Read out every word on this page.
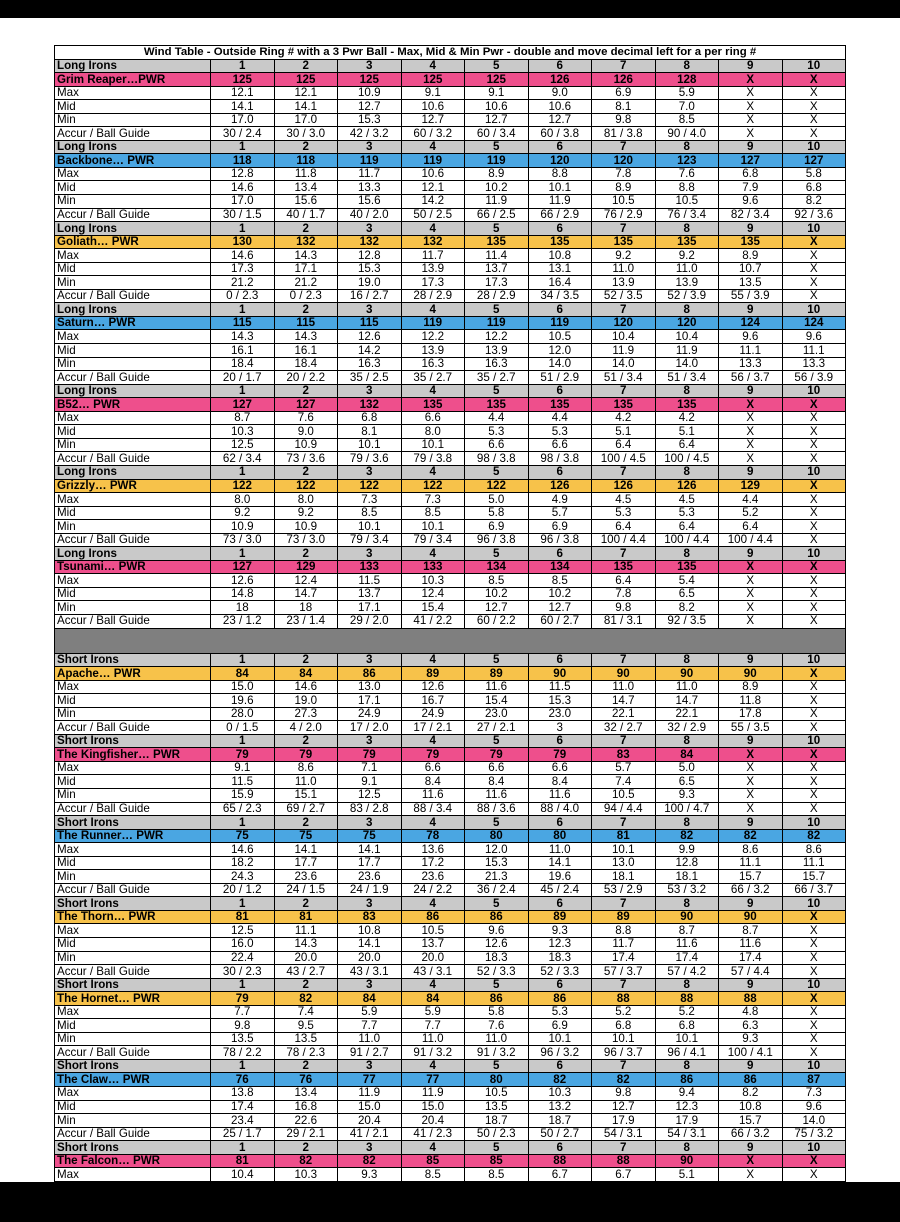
Wind Table - Outside Ring # with a 3 Pwr Ball - Max, Mid & Min Pwr - double and move decimal left for a per ring #										
Long Irons	1	2	3	4	5	6	7	8	9	10
Grim Reaper…PWR	125	125	125	125	125	126	126	128	X	X
Max	12.1	12.1	10.9	9.1	9.1	9.0	6.9	5.9	X	X
Mid	14.1	14.1	12.7	10.6	10.6	10.6	8.1	7.0	X	X
Min	17.0	17.0	15.3	12.7	12.7	12.7	9.8	8.5	X	X
Accur / Ball Guide	30 / 2.4	30 / 3.0	42 / 3.2	60 / 3.2	60 / 3.4	60 / 3.8	81 / 3.8	90 / 4.0	X	X
Long Irons	1	2	3	4	5	6	7	8	9	10
Backbone… PWR	118	118	119	119	119	120	120	123	127	127
Max	12.8	11.8	11.7	10.6	8.9	8.8	7.8	7.6	6.8	5.8
Mid	14.6	13.4	13.3	12.1	10.2	10.1	8.9	8.8	7.9	6.8
Min	17.0	15.6	15.6	14.2	11.9	11.9	10.5	10.5	9.6	8.2
Accur / Ball Guide	30 / 1.5	40 / 1.7	40 / 2.0	50 / 2.5	66 / 2.5	66 / 2.9	76 / 2.9	76 / 3.4	82 / 3.4	92 / 3.6
Long Irons	1	2	3	4	5	6	7	8	9	10
Goliath… PWR	130	132	132	132	135	135	135	135	135	X
Max	14.6	14.3	12.8	11.7	11.4	10.8	9.2	9.2	8.9	X
Mid	17.3	17.1	15.3	13.9	13.7	13.1	11.0	11.0	10.7	X
Min	21.2	21.2	19.0	17.3	17.3	16.4	13.9	13.9	13.5	X
Accur / Ball Guide	0 / 2.3	0 / 2.3	16 / 2.7	28 / 2.9	28 / 2.9	34 / 3.5	52 / 3.5	52 / 3.9	55 / 3.9	X
Long Irons	1	2	3	4	5	6	7	8	9	10
Saturn… PWR	115	115	115	119	119	119	120	120	124	124
Max	14.3	14.3	12.6	12.2	12.2	10.5	10.4	10.4	9.6	9.6
Mid	16.1	16.1	14.2	13.9	13.9	12.0	11.9	11.9	11.1	11.1
Min	18.4	18.4	16.3	16.3	16.3	14.0	14.0	14.0	13.3	13.3
Accur / Ball Guide	20 / 1.7	20 / 2.2	35 / 2.5	35 / 2.7	35 / 2.7	51 / 2.9	51 / 3.4	51 / 3.4	56 / 3.7	56 / 3.9
Long Irons	1	2	3	4	5	6	7	8	9	10
B52… PWR	127	127	132	135	135	135	135	135	X	X
Max	8.7	7.6	6.8	6.6	4.4	4.4	4.2	4.2	X	X
Mid	10.3	9.0	8.1	8.0	5.3	5.3	5.1	5.1	X	X
Min	12.5	10.9	10.1	10.1	6.6	6.6	6.4	6.4	X	X
Accur / Ball Guide	62 / 3.4	73 / 3.6	79 / 3.6	79 / 3.8	98 / 3.8	98 / 3.8	100 / 4.5	100 / 4.5	X	X
Long Irons	1	2	3	4	5	6	7	8	9	10
Grizzly… PWR	122	122	122	122	122	126	126	126	129	X
Max	8.0	8.0	7.3	7.3	5.0	4.9	4.5	4.5	4.4	X
Mid	9.2	9.2	8.5	8.5	5.8	5.7	5.3	5.3	5.2	X
Min	10.9	10.9	10.1	10.1	6.9	6.9	6.4	6.4	6.4	X
Accur / Ball Guide	73 / 3.0	73 / 3.0	79 / 3.4	79 / 3.4	96 / 3.8	96 / 3.8	100 / 4.4	100 / 4.4	100 / 4.4	X
Long Irons	1	2	3	4	5	6	7	8	9	10
Tsunami… PWR	127	129	133	133	134	134	135	135	X	X
Max	12.6	12.4	11.5	10.3	8.5	8.5	6.4	5.4	X	X
Mid	14.8	14.7	13.7	12.4	10.2	10.2	7.8	6.5	X	X
Min	18	18	17.1	15.4	12.7	12.7	9.8	8.2	X	X
Accur / Ball Guide	23 / 1.2	23 / 1.4	29 / 2.0	41 / 2.2	60 / 2.2	60 / 2.7	81 / 3.1	92 / 3.5	X	X

Short Irons	1	2	3	4	5	6	7	8	9	10
Apache… PWR	84	84	86	89	89	90	90	90	90	X
Max	15.0	14.6	13.0	12.6	11.6	11.5	11.0	11.0	8.9	X
Mid	19.6	19.0	17.1	16.7	15.4	15.3	14.7	14.7	11.8	X
Min	28.0	27.3	24.9	24.9	23.0	23.0	22.1	22.1	17.8	X
Accur / Ball Guide	0 / 1.5	4 / 2.0	17 / 2.0	17 / 2.1	27 / 2.1	3	32 / 2.7	32 / 2.9	55 / 3.5	X
Short Irons	1	2	3	4	5	6	7	8	9	10
The Kingfisher… PWR	79	79	79	79	79	79	83	84	X	X
Max	9.1	8.6	7.1	6.6	6.6	6.6	5.7	5.0	X	X
Mid	11.5	11.0	9.1	8.4	8.4	8.4	7.4	6.5	X	X
Min	15.9	15.1	12.5	11.6	11.6	11.6	10.5	9.3	X	X
Accur / Ball Guide	65 / 2.3	69 / 2.7	83 / 2.8	88 / 3.4	88 / 3.6	88 / 4.0	94 / 4.4	100 / 4.7	X	X
Short Irons	1	2	3	4	5	6	7	8	9	10
The Runner… PWR	75	75	75	78	80	80	81	82	82	82
Max	14.6	14.1	14.1	13.6	12.0	11.0	10.1	9.9	8.6	8.6
Mid	18.2	17.7	17.7	17.2	15.3	14.1	13.0	12.8	11.1	11.1
Min	24.3	23.6	23.6	23.6	21.3	19.6	18.1	18.1	15.7	15.7
Accur / Ball Guide	20 / 1.2	24 / 1.5	24 / 1.9	24 / 2.2	36 / 2.4	45 / 2.4	53 / 2.9	53 / 3.2	66 / 3.2	66 / 3.7
Short Irons	1	2	3	4	5	6	7	8	9	10
The Thorn… PWR	81	81	83	86	86	89	89	90	90	X
Max	12.5	11.1	10.8	10.5	9.6	9.3	8.8	8.7	8.7	X
Mid	16.0	14.3	14.1	13.7	12.6	12.3	11.7	11.6	11.6	X
Min	22.4	20.0	20.0	20.0	18.3	18.3	17.4	17.4	17.4	X
Accur / Ball Guide	30 / 2.3	43 / 2.7	43 / 3.1	43 / 3.1	52 / 3.3	52 / 3.3	57 / 3.7	57 / 4.2	57 / 4.4	X
Short Irons	1	2	3	4	5	6	7	8	9	10
The Hornet… PWR	79	82	84	84	86	86	88	88	88	X
Max	7.7	7.4	5.9	5.9	5.8	5.3	5.2	5.2	4.8	X
Mid	9.8	9.5	7.7	7.7	7.6	6.9	6.8	6.8	6.3	X
Min	13.5	13.5	11.0	11.0	11.0	10.1	10.1	10.1	9.3	X
Accur / Ball Guide	78 / 2.2	78 / 2.3	91 / 2.7	91 / 3.2	91 / 3.2	96 / 3.2	96 / 3.7	96 / 4.1	100 / 4.1	X
Short Irons	1	2	3	4	5	6	7	8	9	10
The Claw… PWR	76	76	77	77	80	82	82	86	86	87
Max	13.8	13.4	11.9	11.9	10.5	10.3	9.8	9.4	8.2	7.3
Mid	17.4	16.8	15.0	15.0	13.5	13.2	12.7	12.3	10.8	9.6
Min	23.4	22.6	20.4	20.4	18.7	18.7	17.9	17.9	15.7	14.0
Accur / Ball Guide	25 / 1.7	29 / 2.1	41 / 2.1	41 / 2.3	50 / 2.3	50 / 2.7	54 / 3.1	54 / 3.1	66 / 3.2	75 / 3.2
Short Irons	1	2	3	4	5	6	7	8	9	10
The Falcon… PWR	81	82	82	85	85	88	88	90	X	X
Max	10.4	10.3	9.3	8.5	8.5	6.7	6.7	5.1	X	X
Mid	13.4	13.2	12.1	11.1	11.1	8.9	8.9	6.9	X	X
Min	18.7	18.7	17	16.1	16.1	13.1	13.1	10.3	X	X
Accur / Ball Guide	50 / 3.0	50 / 3.3	59 / 3.3	64 / 3.9	64 / 3.9	80 / 3.9	80 / 4.9	95 / 4.5	X	X
